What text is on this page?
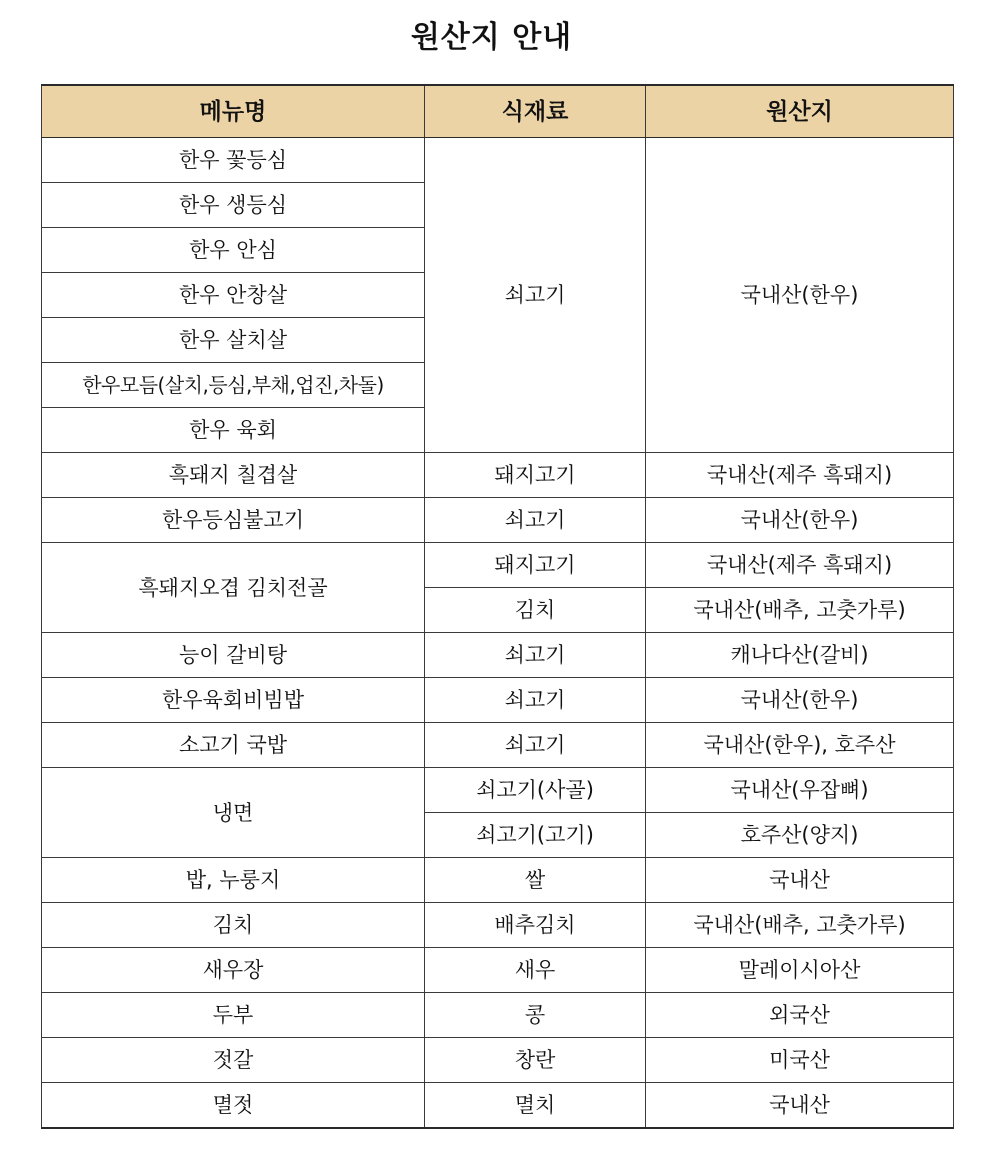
원산지 안내
메뉴명	식재료	원산지
한우 꽃등심	쇠고기	국내산(한우)
한우 생등심		
한우 안심		
한우 안창살		
한우 살치살		
한우모듬(살치,등심,부채,업진,차돌)		
한우 육회		
흑돼지 칠겹살	돼지고기	국내산(제주 흑돼지)
한우등심불고기	쇠고기	국내산(한우)
흑돼지오겹 김치전골	돼지고기	국내산(제주 흑돼지)
	김치	국내산(배추, 고춧가루)
능이 갈비탕	쇠고기	캐나다산(갈비)
한우육회비빔밥	쇠고기	국내산(한우)
소고기 국밥	쇠고기	국내산(한우), 호주산
냉면	쇠고기(사골)	국내산(우잡뼈)
	쇠고기(고기)	호주산(양지)
밥, 누룽지	쌀	국내산
김치	배추김치	국내산(배추, 고춧가루)
새우장	새우	말레이시아산
두부	콩	외국산
젓갈	창란	미국산
멸젓	멸치	국내산
